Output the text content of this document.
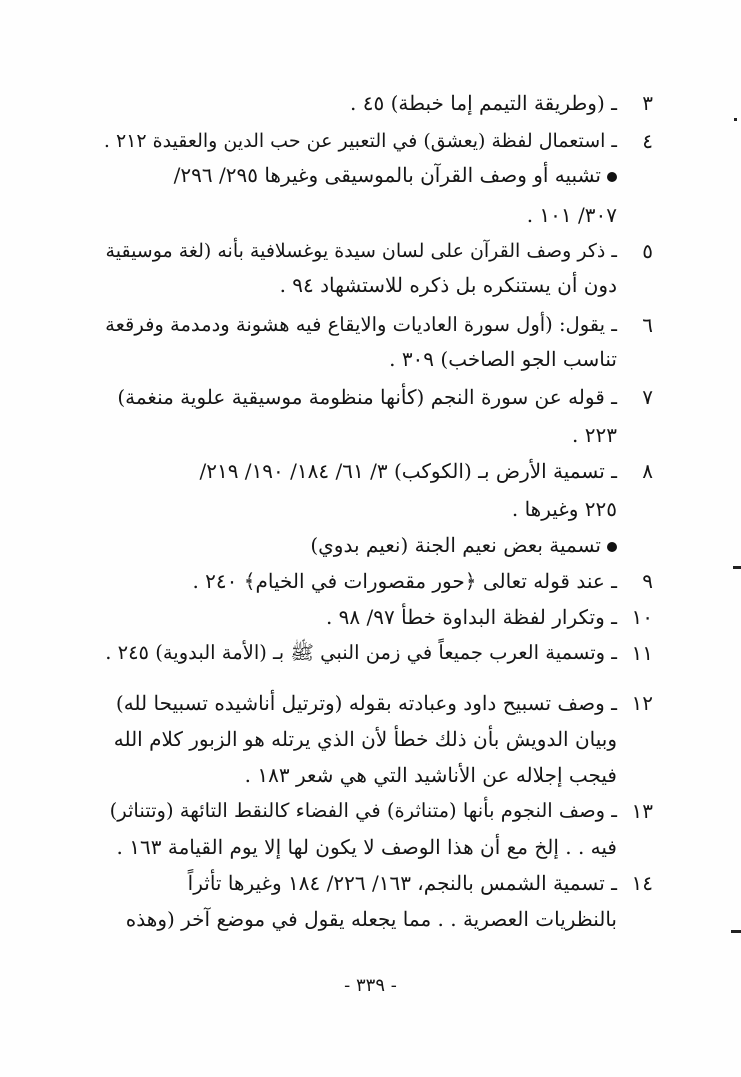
٣
ـ (وطريقة التيمم إما خبطة) ٤٥ .
٤
ـ استعمال لفظة (يعشق) في التعبير عن حب الدين والعقيدة ٢١٢ .
تشبيه أو وصف القرآن بالموسيقى وغيرها ٢٩٥/ ٢٩٦/
٣٠٧/ ١٠١ .
٥
ـ ذكر وصف القرآن على لسان سيدة يوغسلافية بأنه (لغة موسيقية
دون أن يستنكره بل ذكره للاستشهاد ٩٤ .
٦
ـ يقول: (أول سورة العاديات والايقاع فيه هشونة ودمدمة وفرقعة
تناسب الجو الصاخب) ٣٠٩ .
٧
ـ قوله عن سورة النجم (كأنها منظومة موسيقية علوية منغمة)
٢٢٣ .
٨
ـ تسمية الأرض بـ (الكوكب) ٣/ ٦١/ ١٨٤/ ١٩٠/ ٢١٩/
٢٢٥ وغيرها .
تسمية بعض نعيم الجنة (نعيم بدوي)
٩
ـ عند قوله تعالى ﴿حور مقصورات في الخيام﴾ ٢٤٠ .
١٠
ـ وتكرار لفظة البداوة خطأ ٩٧/ ٩٨ .
١١
ـ وتسمية العرب جميعاً في زمن النبي ﷺ بـ (الأمة البدوية) ٢٤٥ .
١٢
ـ وصف تسبيح داود وعبادته بقوله (وترتيل أناشيده تسبيحا لله)
وبيان الدويش بأن ذلك خطأ لأن الذي يرتله هو الزبور كلام الله
فيجب إجلاله عن الأناشيد التي هي شعر ١٨٣ .
١٣
ـ وصف النجوم بأنها (متناثرة) في الفضاء كالنقط التائهة (وتتناثر)
فيه . . إلخ مع أن هذا الوصف لا يكون لها إلا يوم القيامة ١٦٣ .
١٤
ـ تسمية الشمس بالنجم، ١٦٣/ ٢٢٦/ ١٨٤ وغيرها تأثراً
بالنظريات العصرية . . مما يجعله يقول في موضع آخر (وهذه
- ٣٣٩ -
